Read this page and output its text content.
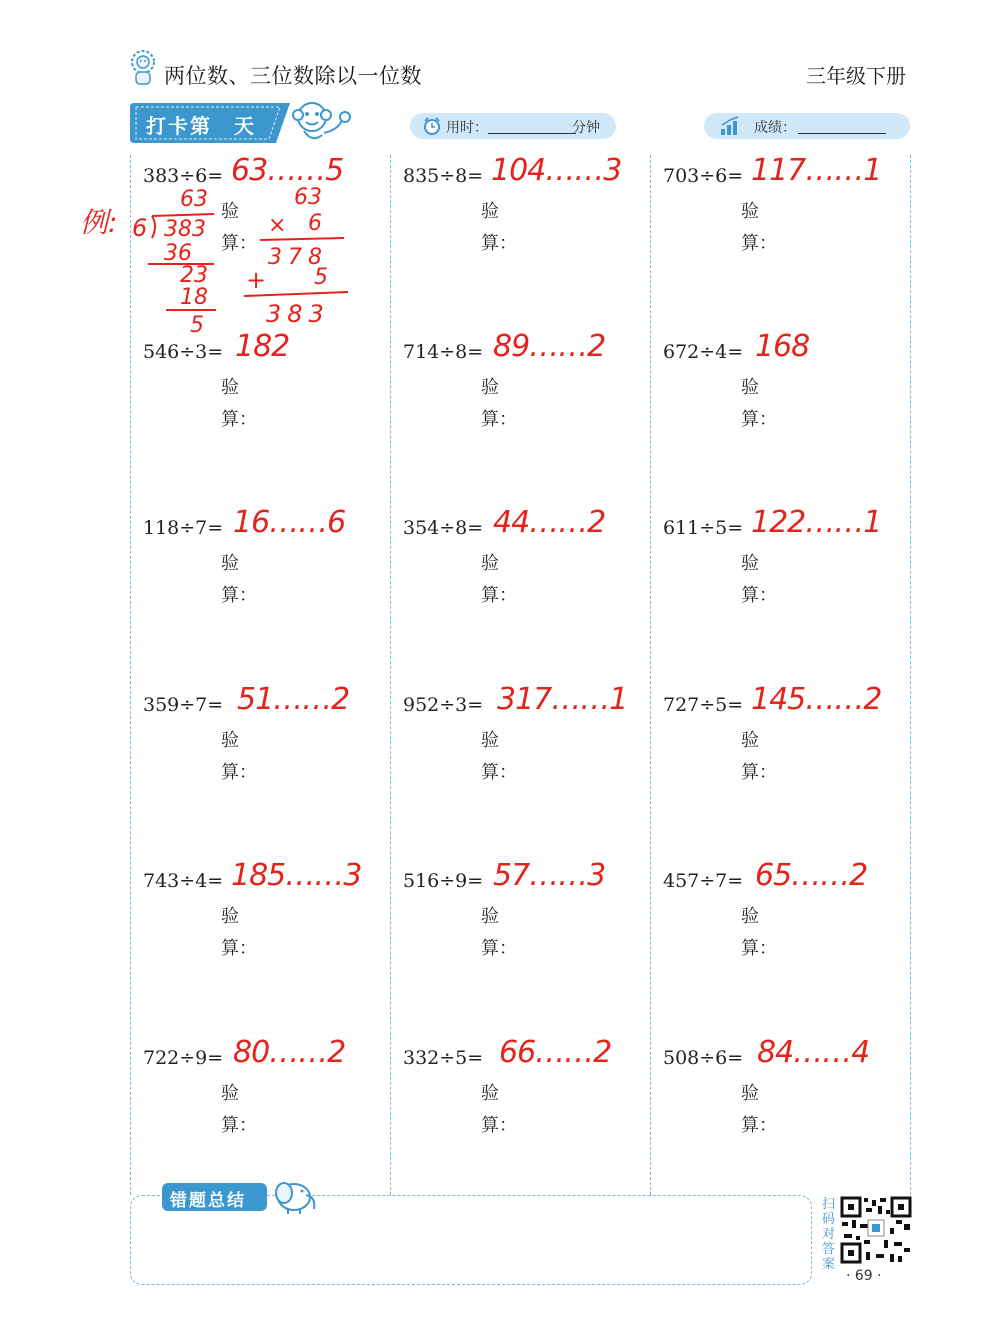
两位数、三位数除以一位数	三年级下册
打卡第　天	用时：	分钟	成绩：
383÷6= 63……5
验
算：
835÷8= 104……3
验
算：
703÷6= 117……1
验
算：
546÷3= 182
验
算：
714÷8= 89……2
验
算：
672÷4= 168
验
算：
118÷7= 16……6
验
算：
354÷8= 44……2
验
算：
611÷5= 122……1
验
算：
359÷7= 51……2
验
算：
952÷3= 317……1
验
算：
727÷5= 145……2
验
算：
743÷4= 185……3
验
算：
516÷9= 57……3
验
算：
457÷7= 65……2
验
算：
722÷9= 80……2
验
算：
332÷5= 66……2
验
算：
508÷6= 84……4
验
算：
例: 6
63
383
36
23
18
5
63
× 6
378
+ 5
383
错题总结	扫码对答案
· 69 ·
